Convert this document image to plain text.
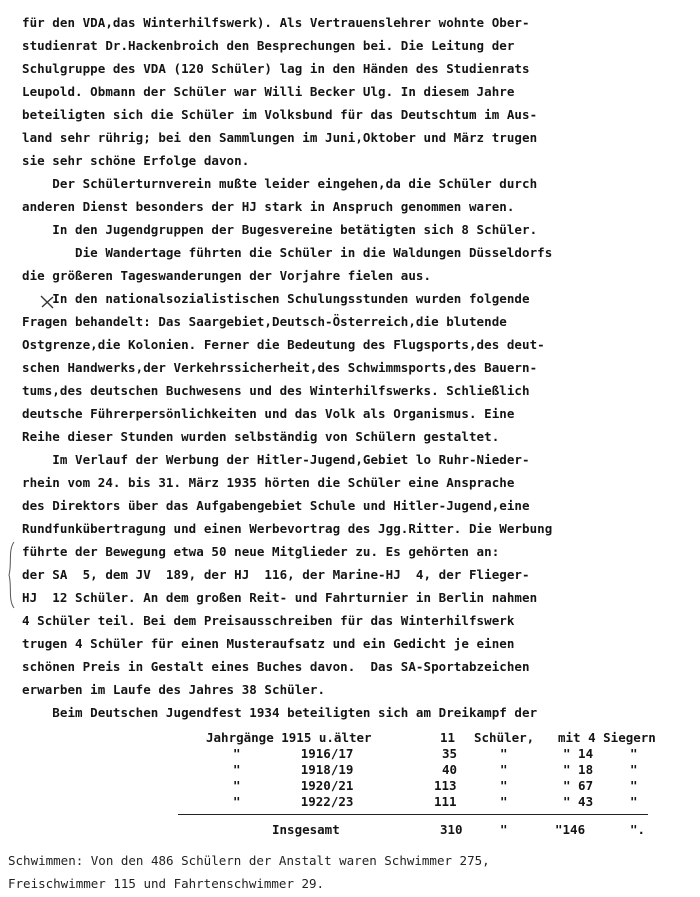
für den VDA,das Winterhilfswerk). Als Vertrauenslehrer wohnte Ober-
studienrat Dr.Hackenbroich den Besprechungen bei. Die Leitung der
Schulgruppe des VDA (120 Schüler) lag in den Händen des Studienrats
Leupold. Obmann der Schüler war Willi Becker Ulg. In diesem Jahre
beteiligten sich die Schüler im Volksbund für das Deutschtum im Aus-
land sehr rührig; bei den Sammlungen im Juni,Oktober und März trugen
sie sehr schöne Erfolge davon.
Der Schülerturnverein mußte leider eingehen,da die Schüler durch
anderen Dienst besonders der HJ stark in Anspruch genommen waren.
In den Jugendgruppen der Bugesvereine betätigten sich 8 Schüler.
Die Wandertage führten die Schüler in die Waldungen Düsseldorfs
die größeren Tageswanderungen der Vorjahre fielen aus.
In den nationalsozialistischen Schulungsstunden wurden folgende
Fragen behandelt: Das Saargebiet,Deutsch-Österreich,die blutende
Ostgrenze,die Kolonien. Ferner die Bedeutung des Flugsports,des deut-
schen Handwerks,der Verkehrssicherheit,des Schwimmsports,des Bauern-
tums,des deutschen Buchwesens und des Winterhilfswerks. Schließlich
deutsche Führerpersönlichkeiten und das Volk als Organismus. Eine
Reihe dieser Stunden wurden selbständig von Schülern gestaltet.
Im Verlauf der Werbung der Hitler-Jugend,Gebiet lo Ruhr-Nieder-
rhein vom 24. bis 31. März 1935 hörten die Schüler eine Ansprache
des Direktors über das Aufgabengebiet Schule und Hitler-Jugend,eine
Rundfunkübertragung und einen Werbevortrag des Jgg.Ritter. Die Werbung
führte der Bewegung etwa 50 neue Mitglieder zu. Es gehörten an:
der SA  5, dem JV  189, der HJ  116, der Marine-HJ  4, der Flieger-
HJ  12 Schüler. An dem großen Reit- und Fahrturnier in Berlin nahmen
4 Schüler teil. Bei dem Preisausschreiben für das Winterhilfswerk
trugen 4 Schüler für einen Musteraufsatz und ein Gedicht je einen
schönen Preis in Gestalt eines Buches davon.  Das SA-Sportabzeichen
erwarben im Laufe des Jahres 38 Schüler.
Beim Deutschen Jugendfest 1934 beteiligten sich am Dreikampf der
Jahrgänge 1915 u.älter	11 Schüler, mit 4 Siegern
"        1916/17	35	"	" 14	"
"        1918/19	40	"	" 18	"
"        1920/21	113	"	" 67	"
"        1922/23	111	"	" 43	"
Insgesamt	310	"	"146	".
Schwimmen: Von den 486 Schülern der Anstalt waren Schwimmer 275,
Freischwimmer 115 und Fahrtenschwimmer 29.
